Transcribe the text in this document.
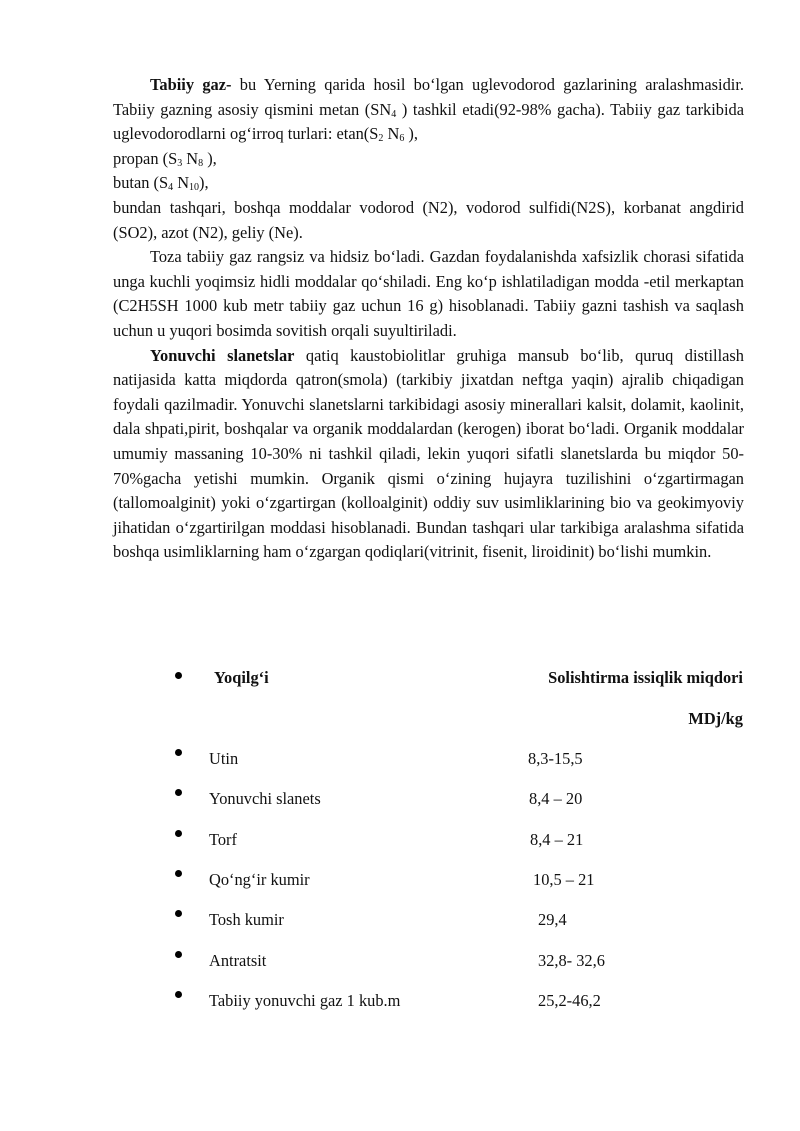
Tabiiy gaz- bu Yerning qarida hosil bo‘lgan uglevodorod gazlarining aralashmasidir. Tabiiy gazning asosiy qismini metan ($SN_4$ ) tashkil etadi(92-98% gacha). Tabiiy gaz tarkibida uglevodorodlarni og‘irroq turlari: $etan(S_2$ $N_6$ ),

propan ($S_3$ $N_8$ ),

butan ($S_4$ $N_{10}$),

bundan tashqari, boshqa moddalar vodorod (N2), vodorod sulfidi(N2S), korbanat angdirid (SO2), azot (N2), geliy (Ne).

Toza tabiiy gaz rangsiz va hidsiz bo‘ladi. Gazdan foydalanishda xafsizlik chorasi sifatida unga kuchli yoqimsiz hidli moddalar qo‘shiladi. Eng ko‘p ishlatiladigan modda -etil merkaptan (C2H5SH 1000 kub metr tabiiy gaz uchun 16 g) hisoblanadi. Tabiiy gazni tashish va saqlash uchun u yuqori bosimda sovitish orqali suyultiriladi.

Yonuvchi slanetslar qatiq kaustobiolitlar gruhiga mansub bo‘lib, quruq distillash natijasida katta miqdorda qatron(smola) (tarkibiy jixatdan neftga yaqin) ajralib chiqadigan foydali qazilmadir. Yonuvchi slanetslarni tarkibidagi asosiy minerallari kalsit, dolamit, kaolinit, dala shpati,pirit, boshqalar va organik moddalardan (kerogen) iborat bo‘ladi. Organik moddalar umumiy massaning 10-30% ni tashkil qiladi, lekin yuqori sifatli slanetslarda bu miqdor 50-70%gacha yetishi mumkin. Organik qismi o‘zining hujayra tuzilishini o‘zgartirmagan (tallomoalginit) yoki o‘zgartirgan (kolloalginit) oddiy suv usimliklarining bio va geokimyoviy jihatidan o‘zgartirilgan moddasi hisoblanadi. Bundan tashqari ular tarkibiga aralashma sifatida boshqa usimliklarning ham o‘zgargan qodiqlari(vitrinit, fisenit, liroidinit) bo‘lishi mumkin.

Yoqilg‘i	Solishtirma issiqlik miqdori
MDj/kg
Utin	8,3-15,5
Yonuvchi slanets	8,4 – 20
Torf	8,4 – 21
Qo‘ng‘ir kumir	10,5 – 21
Tosh kumir	29,4
Antratsit	32,8- 32,6
Tabiiy yonuvchi gaz 1 kub.m	25,2-46,2
